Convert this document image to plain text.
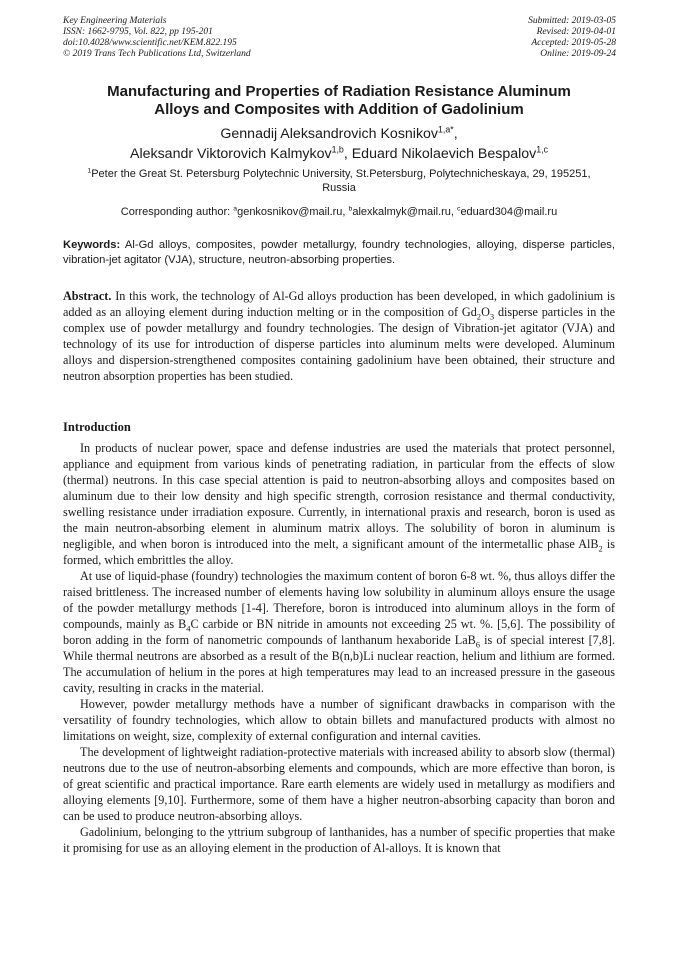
Key Engineering Materials
ISSN: 1662-9795, Vol. 822, pp 195-201
doi:10.4028/www.scientific.net/KEM.822.195
© 2019 Trans Tech Publications Ltd, Switzerland
Submitted: 2019-03-05
Revised: 2019-04-01
Accepted: 2019-05-28
Online: 2019-09-24
Manufacturing and Properties of Radiation Resistance Aluminum
Alloys and Composites with Addition of Gadolinium
Gennadij Aleksandrovich Kosnikov$^{1,a*}$,
Aleksandr Viktorovich Kalmykov$^{1,b}$, Eduard Nikolaevich Bespalov$^{1,c}$
$^1$Peter the Great St. Petersburg Polytechnic University, St.Petersburg, Polytechnicheskaya, 29, 195251, Russia
Corresponding author: $^a$genkosnikov@mail.ru, $^b$alexkalmyk@mail.ru, $^c$eduard304@mail.ru
Keywords: Al-Gd alloys, composites, powder metallurgy, foundry technologies, alloying, disperse particles, vibration-jet agitator (VJA), structure, neutron-absorbing properties.
Abstract. In this work, the technology of Al-Gd alloys production has been developed, in which gadolinium is added as an alloying element during induction melting or in the composition of $Gd_2O_3$ disperse particles in the complex use of powder metallurgy and foundry technologies. The design of Vibration-jet agitator (VJA) and technology of its use for introduction of disperse particles into aluminum melts were developed. Aluminum alloys and dispersion-strengthened composites containing gadolinium have been obtained, their structure and neutron absorption properties has been studied.
Introduction

In products of nuclear power, space and defense industries are used the materials that protect personnel, appliance and equipment from various kinds of penetrating radiation, in particular from the effects of slow (thermal) neutrons. In this case special attention is paid to neutron-absorbing alloys and composites based on aluminum due to their low density and high specific strength, corrosion resistance and thermal conductivity, swelling resistance under irradiation exposure. Currently, in international praxis and research, boron is used as the main neutron-absorbing element in aluminum matrix alloys. The solubility of boron in aluminum is negligible, and when boron is introduced into the melt, a significant amount of the intermetallic phase AlB$_2$ is formed, which embrittles the alloy.

At use of liquid-phase (foundry) technologies the maximum content of boron 6-8 wt. %, thus alloys differ the raised brittleness. The increased number of elements having low solubility in aluminum alloys ensure the usage of the powder metallurgy methods [1-4]. Therefore, boron is introduced into aluminum alloys in the form of compounds, mainly as $B_4C$ carbide or BN nitride in amounts not exceeding 25 wt. %. [5,6]. The possibility of boron adding in the form of nanometric compounds of lanthanum hexaboride LaB$_6$ is of special interest [7,8]. While thermal neutrons are absorbed as a result of the B(n,b)Li nuclear reaction, helium and lithium are formed. The accumulation of helium in the pores at high temperatures may lead to an increased pressure in the gaseous cavity, resulting in cracks in the material.

However, powder metallurgy methods have a number of significant drawbacks in comparison with the versatility of foundry technologies, which allow to obtain billets and manufactured products with almost no limitations on weight, size, complexity of external configuration and internal cavities.

The development of lightweight radiation-protective materials with increased ability to absorb slow (thermal) neutrons due to the use of neutron-absorbing elements and compounds, which are more effective than boron, is of great scientific and practical importance. Rare earth elements are widely used in metallurgy as modifiers and alloying elements [9,10]. Furthermore, some of them have a higher neutron-absorbing capacity than boron and can be used to produce neutron-absorbing alloys.

Gadolinium, belonging to the yttrium subgroup of lanthanides, has a number of specific properties that make it promising for use as an alloying element in the production of Al-alloys. It is known that
